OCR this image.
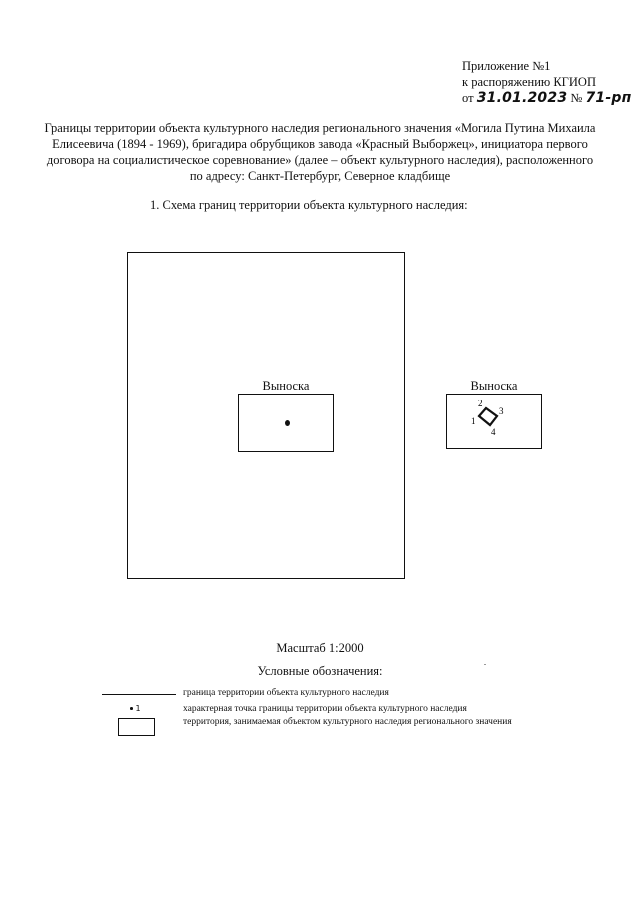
Приложение №1
к распоряжению КГИОП
от 31.01.2023 № 71-рп
Границы территории объекта культурного наследия регионального значения «Могила Путина Михаила Елисеевича (1894 - 1969), бригадира обрубщиков завода «Красный Выборжец», инициатора первого договора на социалистическое соревнование» (далее – объект культурного наследия), расположенного по адресу: Санкт-Петербург, Северное кладбище
1. Схема границ территории объекта культурного наследия:
Выноска	Выноска
1
2
3
4
Масштаб 1:2000
Условные обозначения:
граница территории объекта культурного наследия
1	характерная точка границы территории объекта культурного наследия
территория, занимаемая объектом культурного наследия регионального значения
